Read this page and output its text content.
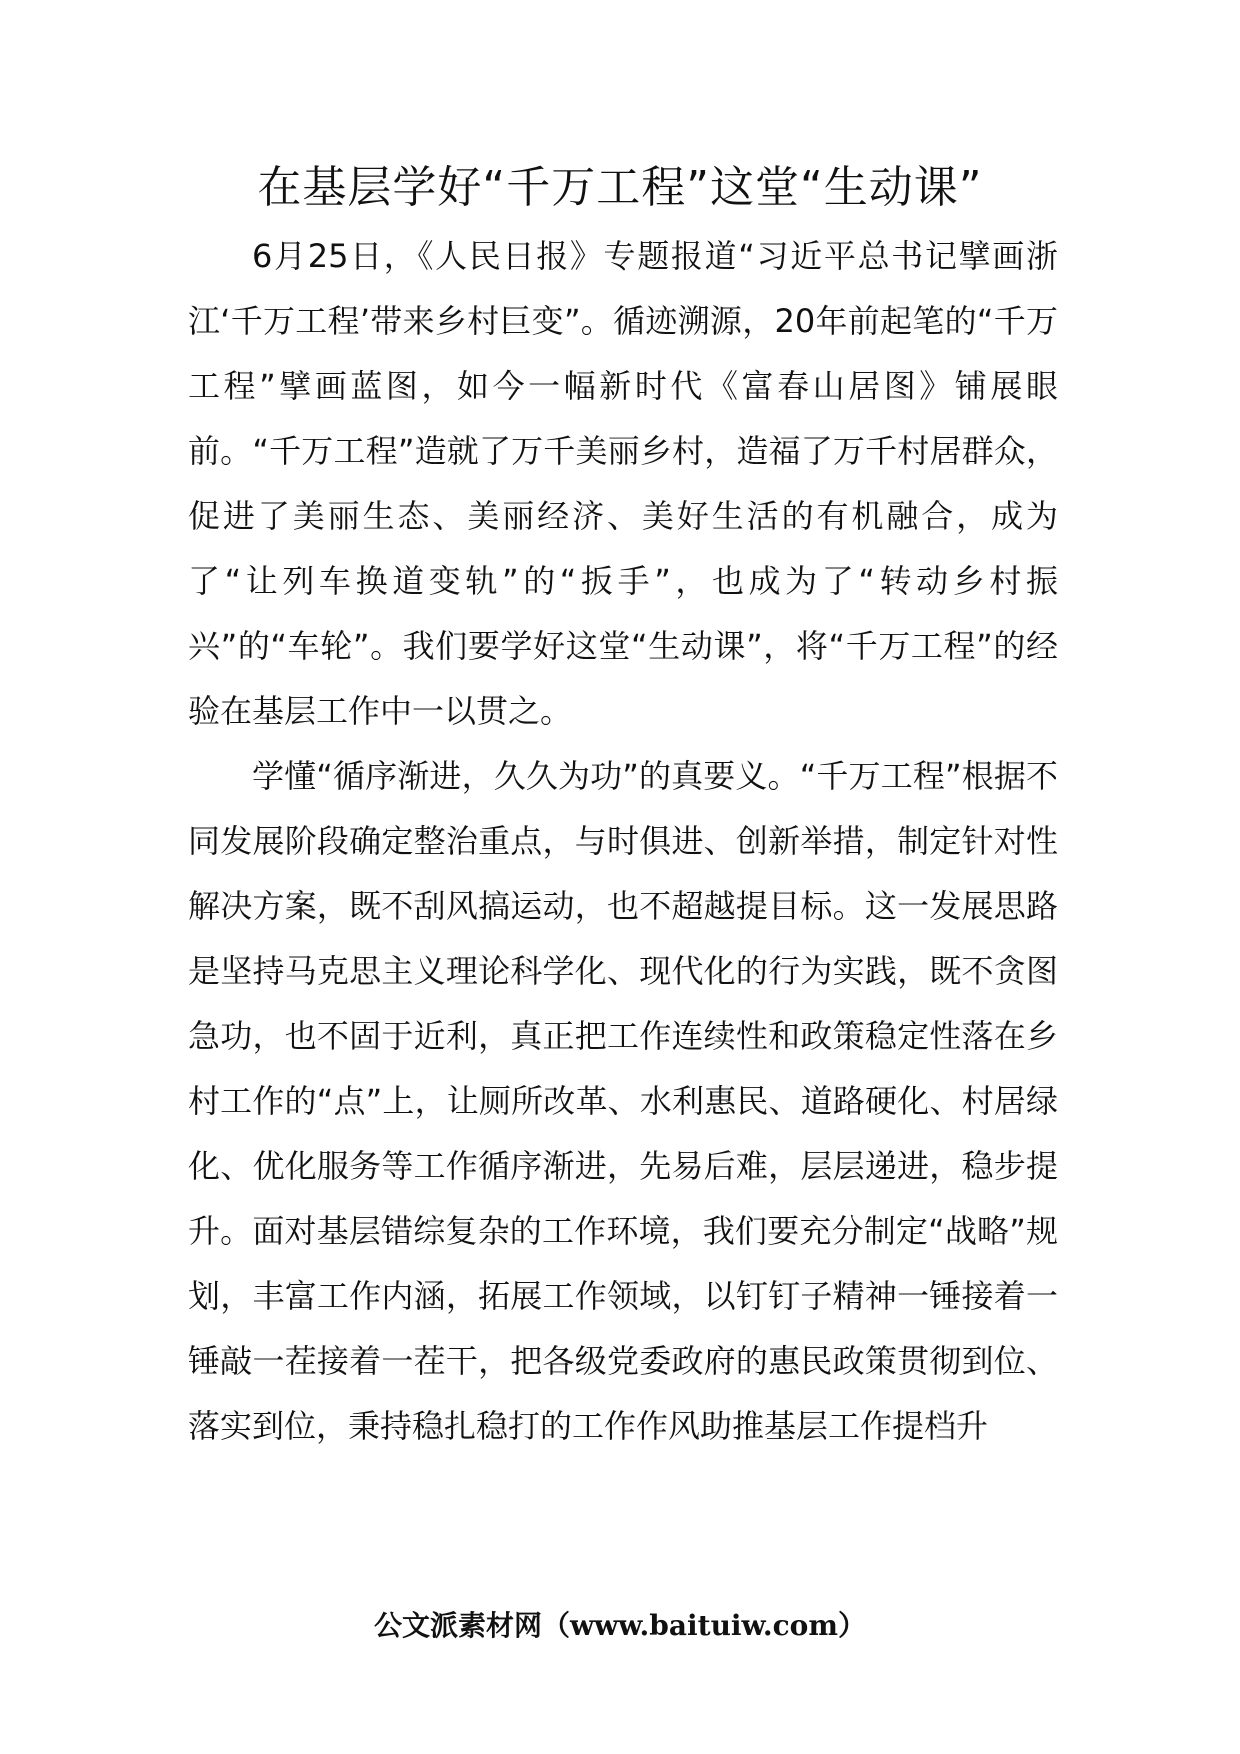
在基层学好“千万工程”这堂“生动课”

6月25日，《人民日报》专题报道“习近平总书记擘画浙江‘千万工程’带来乡村巨变”。循迹溯源，20年前起笔的“千万工程”擘画蓝图，如今一幅新时代《富春山居图》铺展眼前。“千万工程”造就了万千美丽乡村，造福了万千村居群众，促进了美丽生态、美丽经济、美好生活的有机融合，成为了“让列车换道变轨”的“扳手”，也成为了“转动乡村振兴”的“车轮”。我们要学好这堂“生动课”，将“千万工程”的经验在基层工作中一以贯之。

学懂“循序渐进，久久为功”的真要义。“千万工程”根据不同发展阶段确定整治重点，与时俱进、创新举措，制定针对性解决方案，既不刮风搞运动，也不超越提目标。这一发展思路是坚持马克思主义理论科学化、现代化的行为实践，既不贪图急功，也不固于近利，真正把工作连续性和政策稳定性落在乡村工作的“点”上，让厕所改革、水利惠民、道路硬化、村居绿化、优化服务等工作循序渐进，先易后难，层层递进，稳步提升。面对基层错综复杂的工作环境，我们要充分制定“战略”规划，丰富工作内涵，拓展工作领域，以钉钉子精神一锤接着一锤敲一茬接着一茬干，把各级党委政府的惠民政策贯彻到位、落实到位，秉持稳扎稳打的工作作风助推基层工作提档升

公文派素材网（www.baituiw.com）
